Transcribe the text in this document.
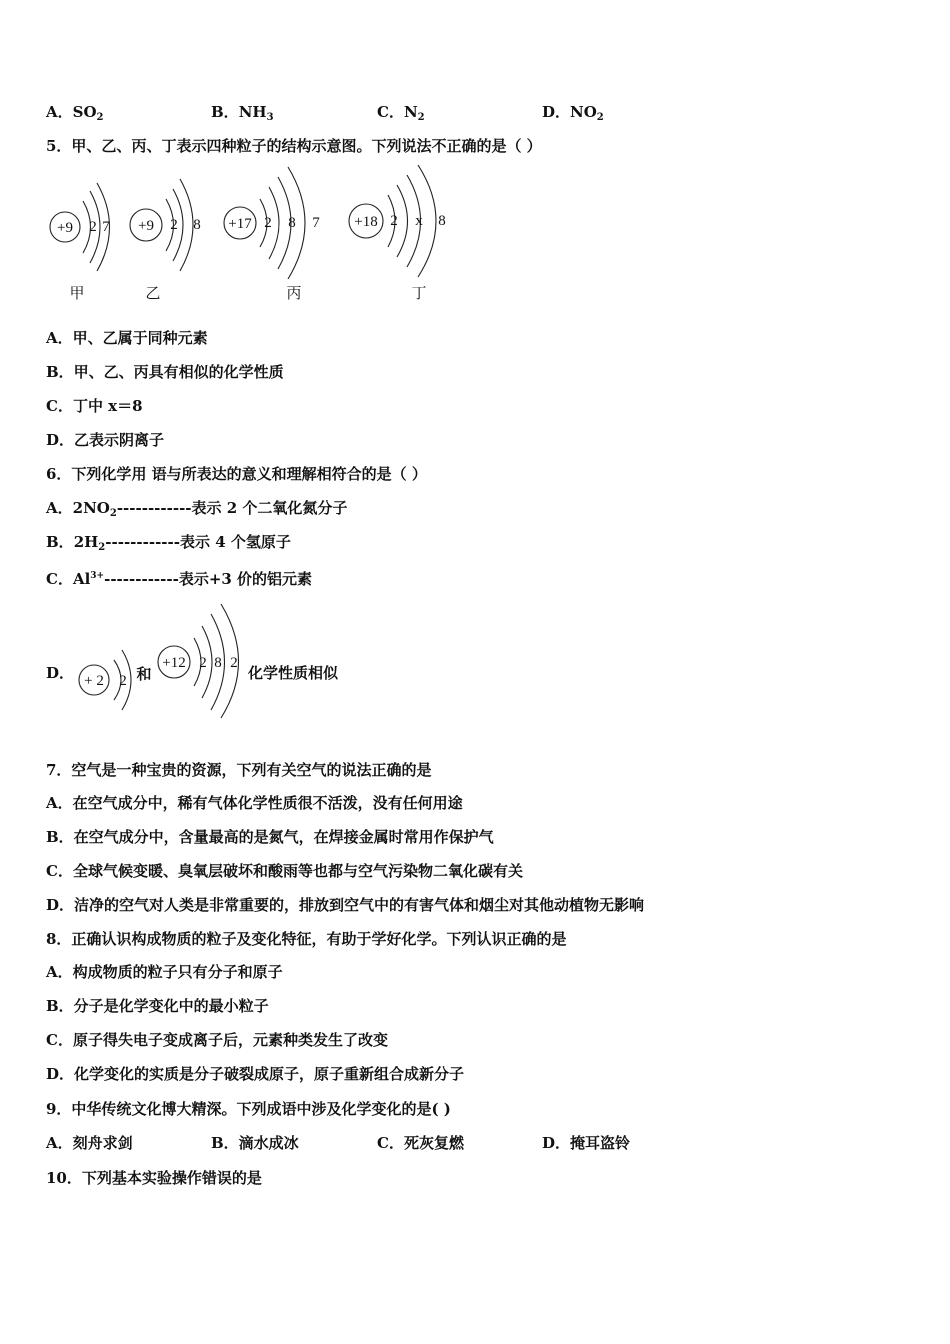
A．$SO_2$	B．$NH_3$	C．$N_2$	D．$NO_2$
5．甲、乙、丙、丁表示四种粒子的结构示意图。下列说法不正确的是（ ）
+9 2 7 +9 2 8 +17 2 8 7 +18 2 x 8
甲	乙	丙	丁
A．甲、乙属于同种元素
B．甲、乙、丙具有相似的化学性质
C．丁中 x＝8
D．乙表示阴离子
6．下列化学用 语与所表达的意义和理解相符合的是（ ）
A．$2NO_2------------$表示 2 个二氧化氮分子
B．$2H_2------------$表示 4 个氢原子
C．$Al^{3+}------------$表示+3 价的铝元素
D． + 2 2 和
+12 2 8 2
化学性质相似
7．空气是一种宝贵的资源，下列有关空气的说法正确的是
A．在空气成分中，稀有气体化学性质很不活泼，没有任何用途
B．在空气成分中，含量最高的是氮气，在焊接金属时常用作保护气
C．全球气候变暖、臭氧层破坏和酸雨等也都与空气污染物二氧化碳有关
D．洁净的空气对人类是非常重要的，排放到空气中的有害气体和烟尘对其他动植物无影响
8．正确认识构成物质的粒子及变化特征，有助于学好化学。下列认识正确的是
A．构成物质的粒子只有分子和原子
B．分子是化学变化中的最小粒子
C．原子得失电子变成离子后，元素种类发生了改变
D．化学变化的实质是分子破裂成原子，原子重新组合成新分子
9．中华传统文化博大精深。下列成语中涉及化学变化的是( )
A．刻舟求剑	B．滴水成冰	C．死灰复燃	D．掩耳盗铃
10．下列基本实验操作错误的是
